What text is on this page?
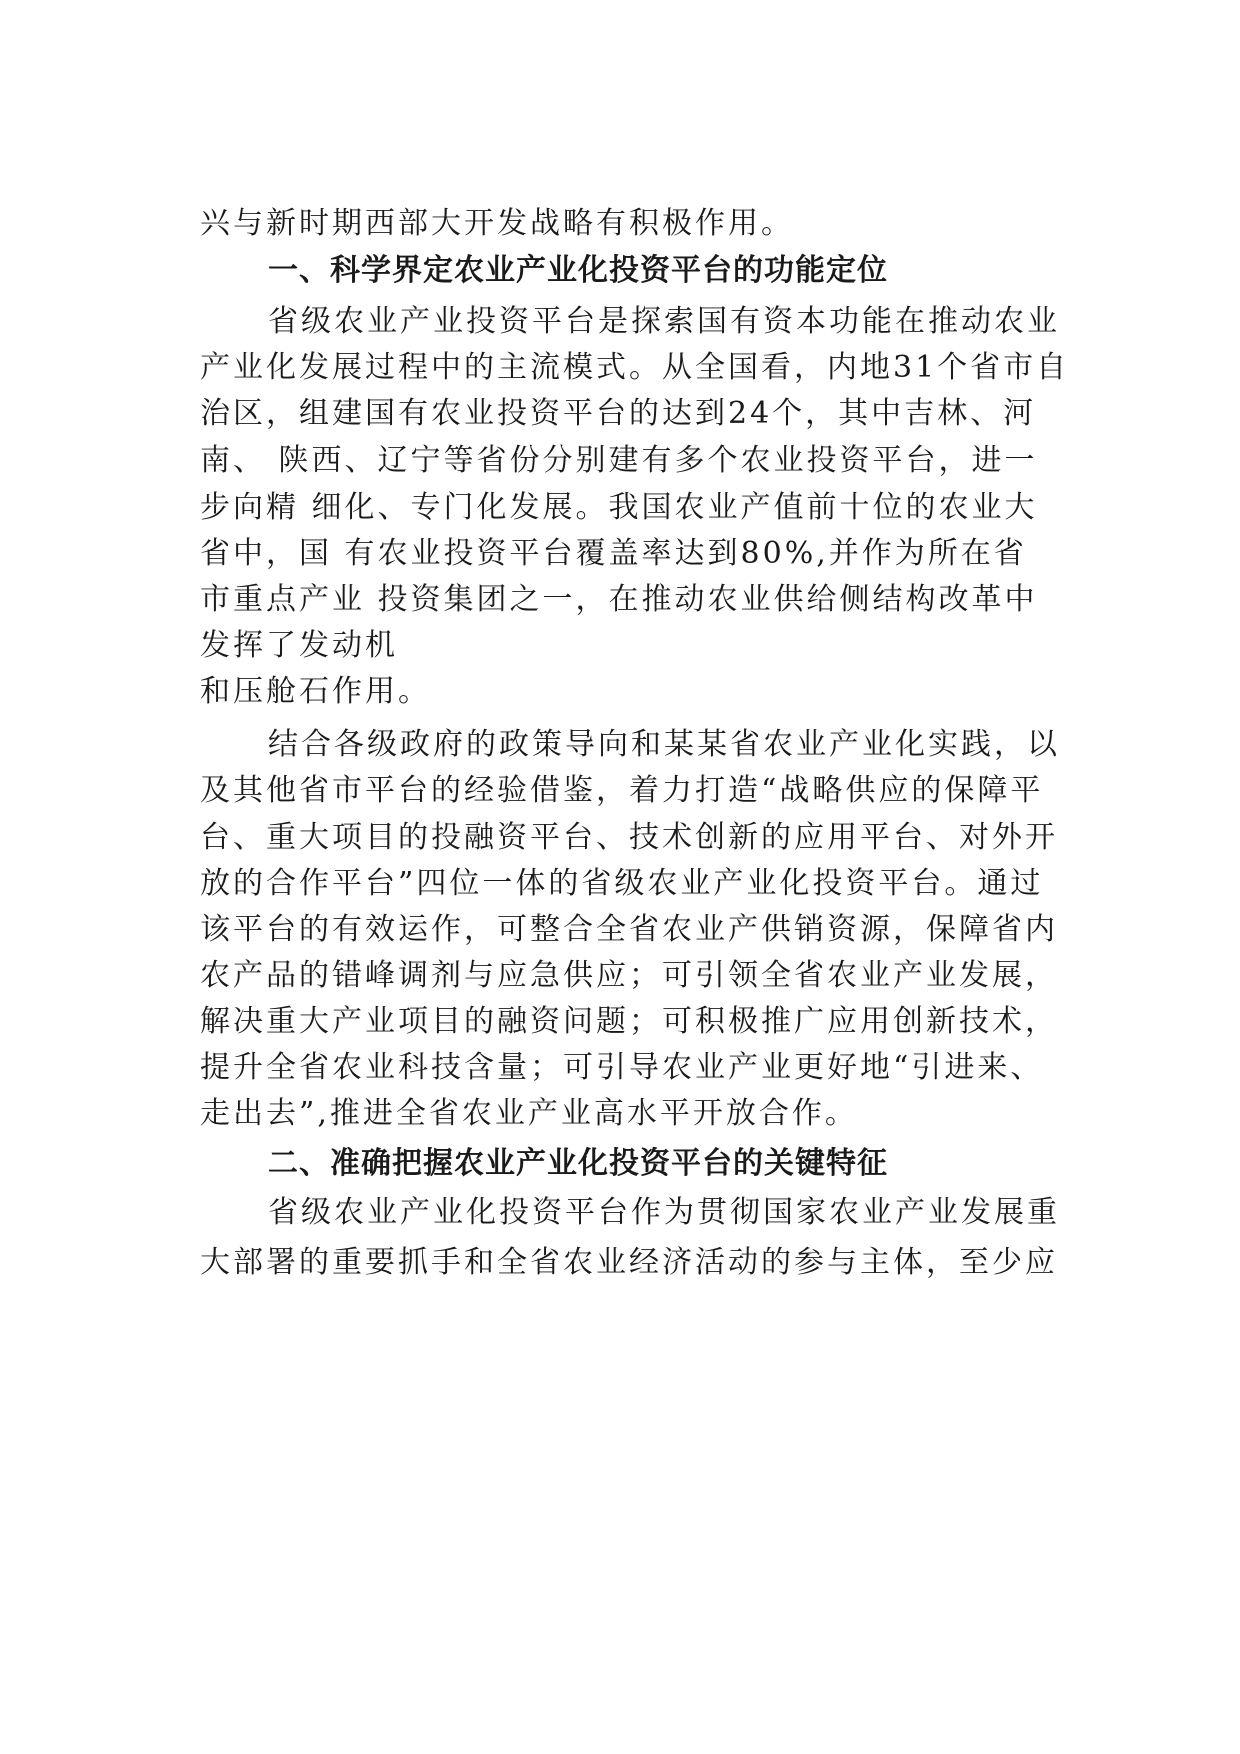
兴与新时期西部大开发战略有积极作用。
一、科学界定农业产业化投资平台的功能定位
省级农业产业投资平台是探索国有资本功能在推动农业
产业化发展过程中的主流模式。从全国看，内地31个省市自
治区，组建国有农业投资平台的达到24个，其中吉林、河
南、 陕西、辽宁等省份分别建有多个农业投资平台，进一
步向精 细化、专门化发展。我国农业产值前十位的农业大
省中，国 有农业投资平台覆盖率达到80%,并作为所在省
市重点产业 投资集团之一，在推动农业供给侧结构改革中
发挥了发动机
和压舱石作用。
结合各级政府的政策导向和某某省农业产业化实践，以
及其他省市平台的经验借鉴，着力打造“战略供应的保障平
台、重大项目的投融资平台、技术创新的应用平台、对外开
放的合作平台”四位一体的省级农业产业化投资平台。通过
该平台的有效运作，可整合全省农业产供销资源，保障省内
农产品的错峰调剂与应急供应；可引领全省农业产业发展，
解决重大产业项目的融资问题；可积极推广应用创新技术，
提升全省农业科技含量；可引导农业产业更好地“引进来、
走出去”,推进全省农业产业高水平开放合作。
二、准确把握农业产业化投资平台的关键特征
省级农业产业化投资平台作为贯彻国家农业产业发展重
大部署的重要抓手和全省农业经济活动的参与主体，至少应
